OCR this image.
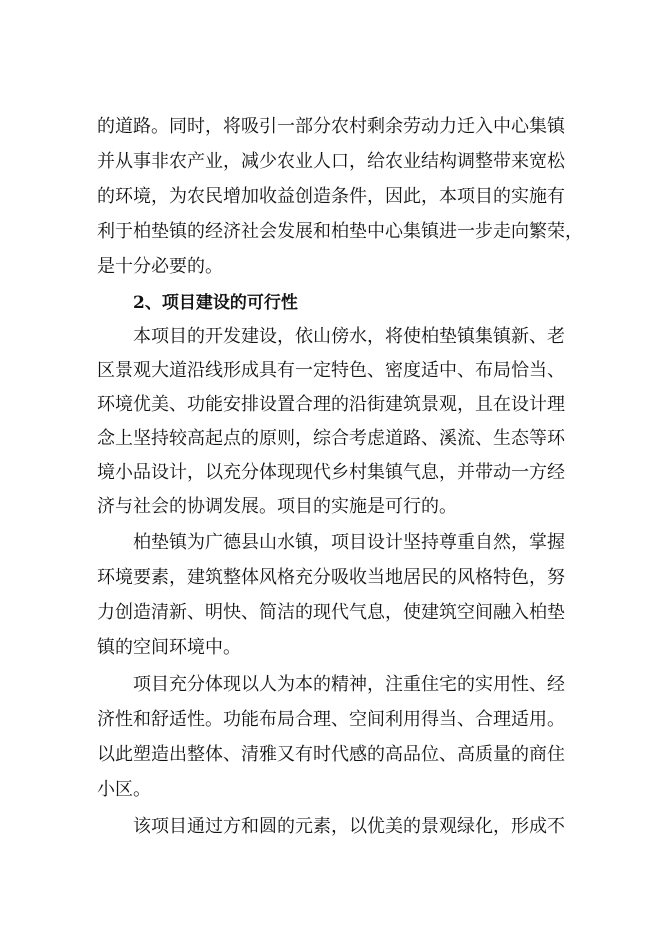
的道路。同时，将吸引一部分农村剩余劳动力迁入中心集镇
并从事非农产业，减少农业人口，给农业结构调整带来宽松
的环境，为农民增加收益创造条件，因此，本项目的实施有
利于柏垫镇的经济社会发展和柏垫中心集镇进一步走向繁荣，
是十分必要的。
2、项目建设的可行性
本项目的开发建设，依山傍水，将使柏垫镇集镇新、老
区景观大道沿线形成具有一定特色、密度适中、布局恰当、
环境优美、功能安排设置合理的沿街建筑景观，且在设计理
念上坚持较高起点的原则，综合考虑道路、溪流、生态等环
境小品设计，以充分体现现代乡村集镇气息，并带动一方经
济与社会的协调发展。项目的实施是可行的。
柏垫镇为广德县山水镇，项目设计坚持尊重自然，掌握
环境要素，建筑整体风格充分吸收当地居民的风格特色，努
力创造清新、明快、简洁的现代气息，使建筑空间融入柏垫
镇的空间环境中。
项目充分体现以人为本的精神，注重住宅的实用性、经
济性和舒适性。功能布局合理、空间利用得当、合理适用。
以此塑造出整体、清雅又有时代感的高品位、高质量的商住
小区。
该项目通过方和圆的元素，以优美的景观绿化，形成不
